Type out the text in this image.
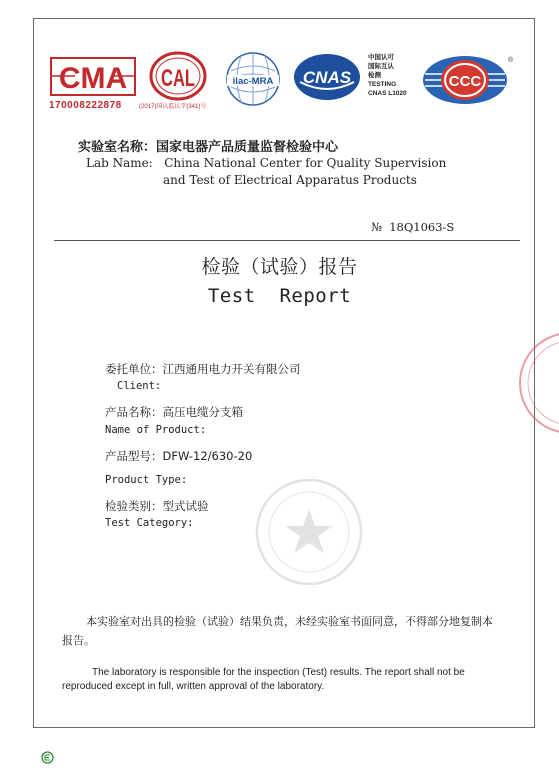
CMA
170008222878
CAL
(2017)国认监认字(341)号
ilac-MRA CNAS
中国认可
国际互认
检测
TESTING
CNAS L1020
CCC
®
实验室名称：国家电器产品质量监督检验中心
Lab Name:   China National Center for Quality Supervision
and Test of Electrical Apparatus Products
№  18Q1063-S
检验（试验）报告
Test  Report
委托单位：江西通用电力开关有限公司
Client:
产品名称：高压电缆分支箱
Name of Product:
产品型号：DFW-12/630-20
Product Type:
检验类别：型式试验
Test Category:
本实验室对出具的检验（试验）结果负责，未经实验室书面同意，不得部分地复制本报告。
The laboratory is responsible for the inspection (Test) results. The report shall not be reproduced except in full, written approval of the laboratory.
